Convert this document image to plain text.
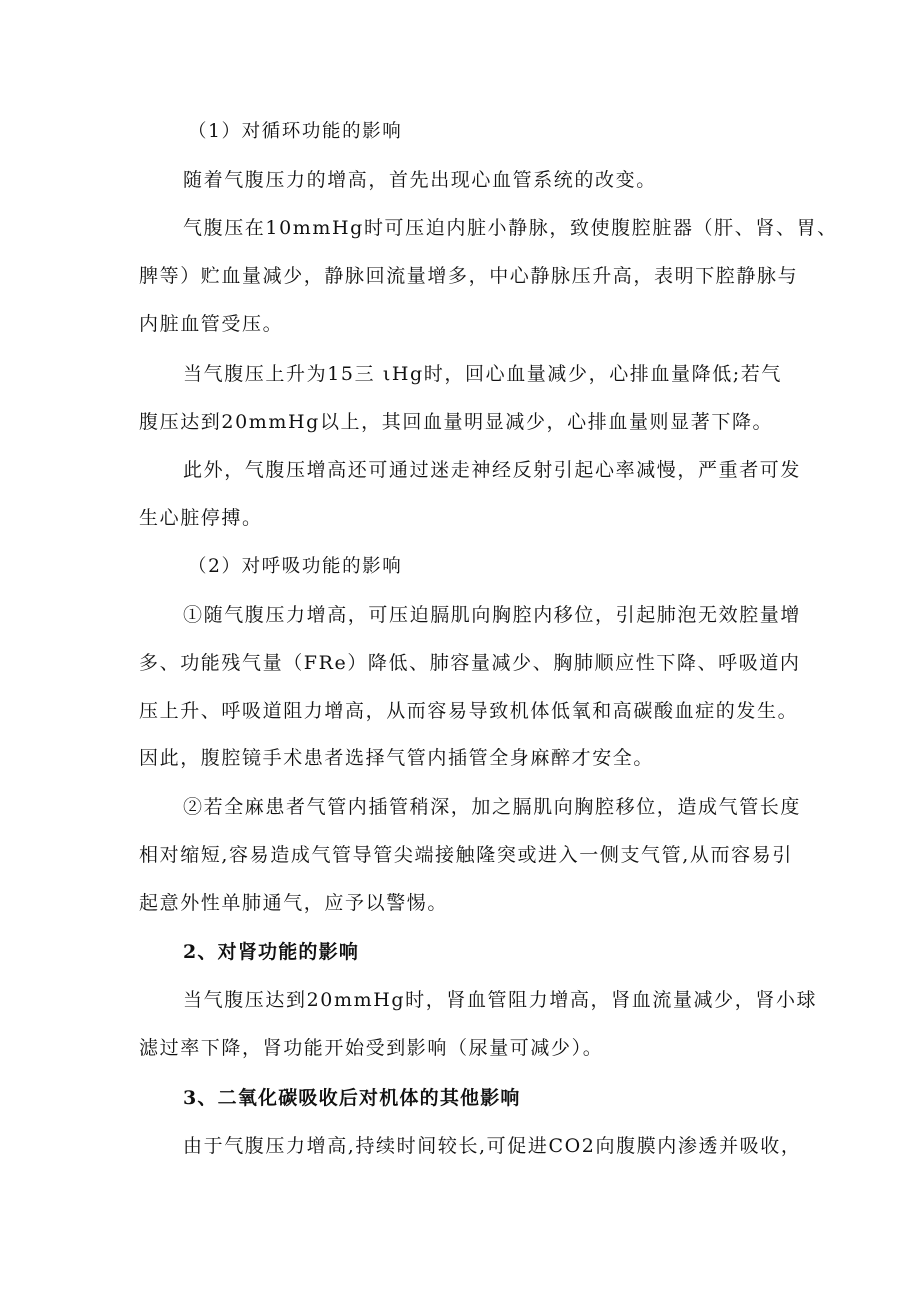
（1）对循环功能的影响
随着气腹压力的增高，首先出现心血管系统的改变。
气腹压在10mmHg时可压迫内脏小静脉，致使腹腔脏器（肝、肾、胃、
脾等）贮血量减少，静脉回流量增多，中心静脉压升高，表明下腔静脉与
内脏血管受压。
当气腹压上升为15三 ιHg时，回心血量减少，心排血量降低;若气
腹压达到20mmHg以上，其回血量明显减少，心排血量则显著下降。
此外，气腹压增高还可通过迷走神经反射引起心率减慢，严重者可发
生心脏停搏。
（2）对呼吸功能的影响
①随气腹压力增高，可压迫膈肌向胸腔内移位，引起肺泡无效腔量增
多、功能残气量（FRe）降低、肺容量减少、胸肺顺应性下降、呼吸道内
压上升、呼吸道阻力增高，从而容易导致机体低氧和高碳酸血症的发生。
因此，腹腔镜手术患者选择气管内插管全身麻醉才安全。
②若全麻患者气管内插管稍深，加之膈肌向胸腔移位，造成气管长度
相对缩短,容易造成气管导管尖端接触隆突或进入一侧支气管,从而容易引
起意外性单肺通气，应予以警惕。
2、对肾功能的影响
当气腹压达到20mmHg时，肾血管阻力增高，肾血流量减少，肾小球
滤过率下降，肾功能开始受到影响（尿量可减少）。
3、二氧化碳吸收后对机体的其他影响
由于气腹压力增高,持续时间较长,可促进CO2向腹膜内渗透并吸收，
